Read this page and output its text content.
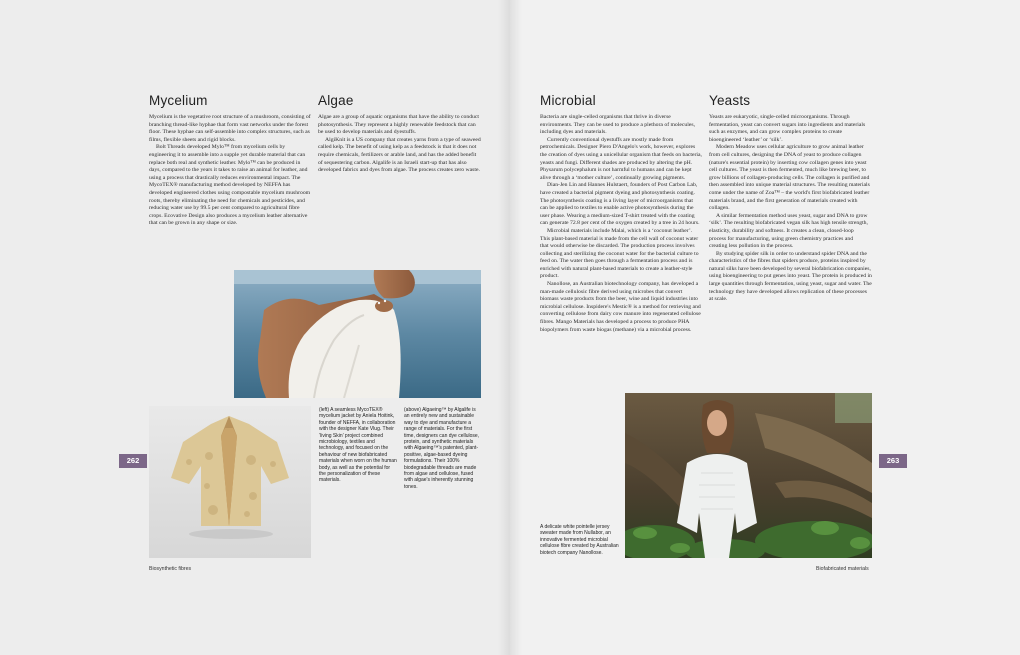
Mycelium

Mycelium is the vegetative root structure of a mushroom, consisting of branching thread-like hyphae that form vast networks under the forest floor. These hyphae can self-assemble into complex structures, such as films, flexible sheets and rigid blocks.

Bolt Threads developed Mylo™ from mycelium cells by engineering it to assemble into a supple yet durable material that can replace both real and synthetic leather. Mylo™ can be produced in days, compared to the years it takes to raise an animal for leather, and using a process that drastically reduces environmental impact. The MycoTEX® manufacturing method developed by NEFFA has developed engineered clothes using compostable mycelium mushroom roots, thereby eliminating the need for chemicals and pesticides, and reducing water use by 99.5 per cent compared to agricultural fibre crops. Ecovative Design also produces a mycelium leather alternative that can be grown in any shape or size.

Algae

Algae are a group of aquatic organisms that have the ability to conduct photosynthesis. They represent a highly renewable feedstock that can be used to develop materials and dyestuffs.

AlgiKnit is a US company that creates yarns from a type of seaweed called kelp. The benefit of using kelp as a feedstock is that it does not require chemicals, fertilizers or arable land, and has the added benefit of sequestering carbon. Algalife is an Israeli start-up that has also developed fabrics and dyes from algae. The process creates zero waste.

(left) A seamless MycoTEX® mycelium jacket by Aniela Hoitink, founder of NEFFA, in collaboration with the designer Kate Vlug. Their ‘living Skin’ project combined microbiology, textiles and technology, and focused on the behaviour of new biofabricated materials when worn on the human body, as well as the potential for the personalization of these materials.
(above) Algaeing™ by Algalife is an entirely new and sustainable way to dye and manufacture a range of materials. For the first time, designers can dye cellulose, protein, and synthetic materials with Algaeing™'s patented, plant-positive, algae-based dyeing formulations. Their 100% biodegradable threads are made from algae and cellulose, fused with algae's inherently stunning tones.
262
Biosynthetic fibres
Microbial

Bacteria are single-celled organisms that thrive in diverse environments. They can be used to produce a plethora of molecules, including dyes and materials.

Currently conventional dyestuffs are mostly made from petrochemicals. Designer Piero D'Angelo's work, however, explores the creation of dyes using a unicellular organism that feeds on bacteria, yeasts and fungi. Different shades are produced by altering the pH. Physarum polycephalum is not harmful to humans and can be kept alive through a ‘mother culture’, continually growing pigments.

Dian-Jen Lin and Hannes Hulstaert, founders of Post Carbon Lab, have created a bacterial pigment dyeing and photosynthesis coating. The photosynthesis coating is a living layer of microorganisms that can be applied to textiles to enable active photosynthesis during the user phase. Wearing a medium-sized T-shirt treated with the coating can generate 72.8 per cent of the oxygen created by a tree in 24 hours.

Microbial materials include Malai, which is a ‘coconut leather’. This plant-based material is made from the cell wall of coconut water that would otherwise be discarded. The production process involves collecting and sterilizing the coconut water for the bacterial culture to feed on. The water then goes through a fermentation process and is enriched with natural plant-based materials to create a leather-style product.

Nanollose, an Australian biotechnology company, has developed a man-made cellulosic fibre derived using microbes that convert biomass waste products from the beer, wine and liquid industries into microbial cellulose. Inspidere's Mestic® is a method for retrieving and converting cellulose from dairy cow manure into regenerated cellulose fibres. Mango Materials has developed a process to produce PHA biopolymers from waste biogas (methane) via a microbial process.

Yeasts

Yeasts are eukaryotic, single-celled microorganisms. Through fermentation, yeast can convert sugars into ingredients and materials such as enzymes, and can grow complex proteins to create bioengineered ‘leather’ or ‘silk’.

Modern Meadow uses cellular agriculture to grow animal leather from cell cultures, designing the DNA of yeast to produce collagen (nature's essential protein) by inserting cow collagen genes into yeast cell cultures. The yeast is then fermented, much like brewing beer, to grow billions of collagen-producing cells. The collagen is purified and then assembled into unique material structures. The resulting materials come under the name of Zoa™ – the world's first biofabricated leather materials brand, and the first generation of materials created with collagen.

A similar fermentation method uses yeast, sugar and DNA to grow ‘silk’. The resulting biofabricated vegan silk has high tensile strength, elasticity, durability and softness. It creates a clean, closed-loop process for manufacturing, using green chemistry practices and creating less pollution in the process.

By studying spider silk in order to understand spider DNA and the characteristics of the fibres that spiders produce, proteins inspired by natural silks have been developed by several biofabrication companies, using bioengineering to put genes into yeast. The protein is produced in large quantities through fermentation, using yeast, sugar and water. The technology they have developed allows replication of these processes at scale.

A delicate white pointelle jersey sweater made from Nullabor, an innovative fermented microbial cellulose fibre created by Australian biotech company Nanollose.
263
Biofabricated materials
